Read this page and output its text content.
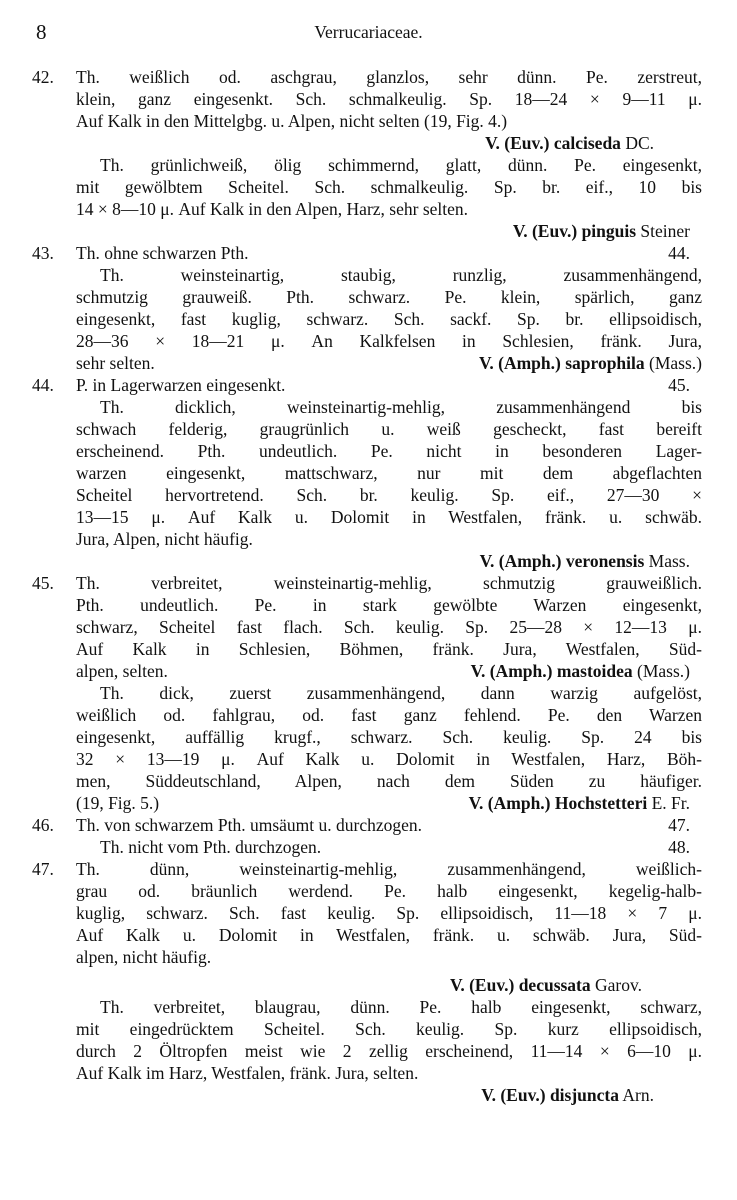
8	Verrucariaceae.
42. Th. weißlich od. aschgrau, glanzlos, sehr dünn. Pe. zerstreut,
klein, ganz eingesenkt. Sch. schmalkeulig. Sp. 18—24 × 9—11 μ.
Auf Kalk in den Mittelgbg. u. Alpen, nicht selten (19, Fig. 4.)
V. (Euv.) calciseda DC.
Th. grünlichweiß, ölig schimmernd, glatt, dünn. Pe. eingesenkt,
mit gewölbtem Scheitel. Sch. schmalkeulig. Sp. br. eif., 10 bis
14 × 8—10 μ. Auf Kalk in den Alpen, Harz, sehr selten.
V. (Euv.) pinguis Steiner
43. Th. ohne schwarzen Pth.	44.
Th. weinsteinartig, staubig, runzlig, zusammenhängend,
schmutzig grauweiß. Pth. schwarz. Pe. klein, spärlich, ganz
eingesenkt, fast kuglig, schwarz. Sch. sackf. Sp. br. ellipsoidisch,
28—36 × 18—21 μ. An Kalkfelsen in Schlesien, fränk. Jura,
sehr selten.	V. (Amph.) saprophila (Mass.)
44. P. in Lagerwarzen eingesenkt.	45.
Th. dicklich, weinsteinartig-mehlig, zusammenhängend bis
schwach felderig, graugrünlich u. weiß gescheckt, fast bereift
erscheinend. Pth. undeutlich. Pe. nicht in besonderen Lager-
warzen eingesenkt, mattschwarz, nur mit dem abgeflachten
Scheitel hervortretend. Sch. br. keulig. Sp. eif., 27—30 ×
13—15 μ. Auf Kalk u. Dolomit in Westfalen, fränk. u. schwäb.
Jura, Alpen, nicht häufig.
V. (Amph.) veronensis Mass.
45. Th. verbreitet, weinsteinartig-mehlig, schmutzig grauweißlich.
Pth. undeutlich. Pe. in stark gewölbte Warzen eingesenkt,
schwarz, Scheitel fast flach. Sch. keulig. Sp. 25—28 × 12—13 μ.
Auf Kalk in Schlesien, Böhmen, fränk. Jura, Westfalen, Süd-
alpen, selten.	V. (Amph.) mastoidea (Mass.)
Th. dick, zuerst zusammenhängend, dann warzig aufgelöst,
weißlich od. fahlgrau, od. fast ganz fehlend. Pe. den Warzen
eingesenkt, auffällig krugf., schwarz. Sch. keulig. Sp. 24 bis
32 × 13—19 μ. Auf Kalk u. Dolomit in Westfalen, Harz, Böh-
men, Süddeutschland, Alpen, nach dem Süden zu häufiger.
(19, Fig. 5.)	V. (Amph.) Hochstetteri E. Fr.
46. Th. von schwarzem Pth. umsäumt u. durchzogen.	47.
Th. nicht vom Pth. durchzogen.	48.
47. Th. dünn, weinsteinartig-mehlig, zusammenhängend, weißlich-
grau od. bräunlich werdend. Pe. halb eingesenkt, kegelig-halb-
kuglig, schwarz. Sch. fast keulig. Sp. ellipsoidisch, 11—18 × 7 μ.
Auf Kalk u. Dolomit in Westfalen, fränk. u. schwäb. Jura, Süd-
alpen, nicht häufig.
V. (Euv.) decussata Garov.
Th. verbreitet, blaugrau, dünn. Pe. halb eingesenkt, schwarz,
mit eingedrücktem Scheitel. Sch. keulig. Sp. kurz ellipsoidisch,
durch 2 Öltropfen meist wie 2 zellig erscheinend, 11—14 × 6—10 μ.
Auf Kalk im Harz, Westfalen, fränk. Jura, selten.
V. (Euv.) disjuncta Arn.
